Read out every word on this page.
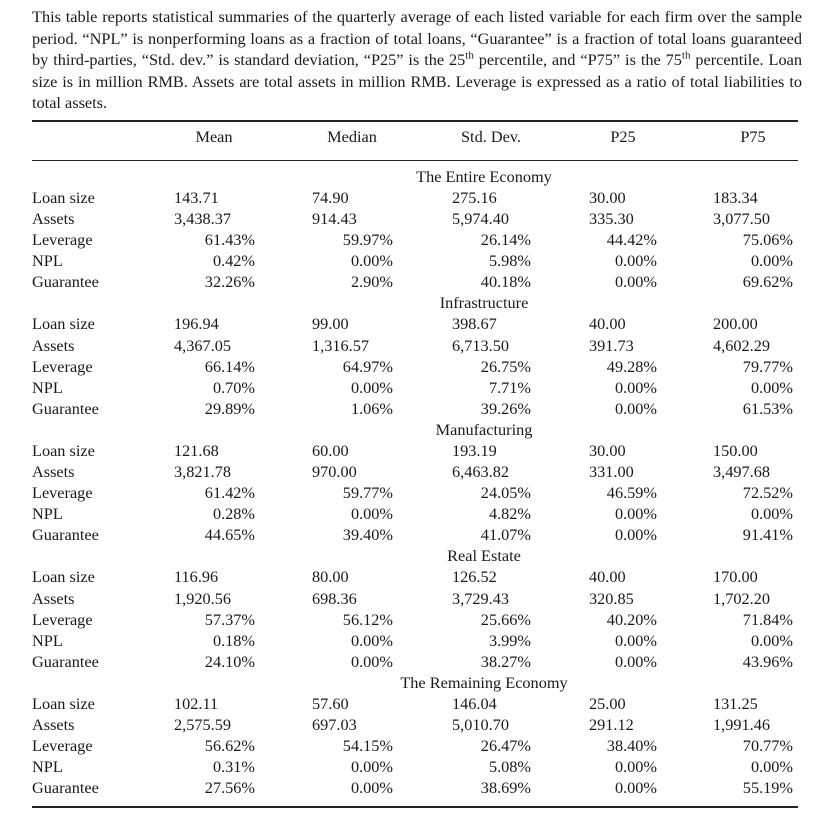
This table reports statistical summaries of the quarterly average of each listed variable for each firm over the sample period. “NPL” is nonperforming loans as a fraction of total loans, “Guarantee” is a fraction of total loans guaranteed by third-parties, “Std. dev.” is standard deviation, “P25” is the 25th percentile, and “P75” is the 75th percentile. Loan size is in million RMB. Assets are total assets in million RMB. Leverage is expressed as a ratio of total liabilities to total assets.
Mean	Median	Std. Dev.	P25	P75
The Entire Economy
Loan size	143.71	74.90	275.16	30.00	183.34
Assets	3,438.37	914.43	5,974.40	335.30	3,077.50
Leverage	61.43%	59.97%	26.14%	44.42%	75.06%
NPL	0.42%	0.00%	5.98%	0.00%	0.00%
Guarantee	32.26%	2.90%	40.18%	0.00%	69.62%
Infrastructure
Loan size	196.94	99.00	398.67	40.00	200.00
Assets	4,367.05	1,316.57	6,713.50	391.73	4,602.29
Leverage	66.14%	64.97%	26.75%	49.28%	79.77%
NPL	0.70%	0.00%	7.71%	0.00%	0.00%
Guarantee	29.89%	1.06%	39.26%	0.00%	61.53%
Manufacturing
Loan size	121.68	60.00	193.19	30.00	150.00
Assets	3,821.78	970.00	6,463.82	331.00	3,497.68
Leverage	61.42%	59.77%	24.05%	46.59%	72.52%
NPL	0.28%	0.00%	4.82%	0.00%	0.00%
Guarantee	44.65%	39.40%	41.07%	0.00%	91.41%
Real Estate
Loan size	116.96	80.00	126.52	40.00	170.00
Assets	1,920.56	698.36	3,729.43	320.85	1,702.20
Leverage	57.37%	56.12%	25.66%	40.20%	71.84%
NPL	0.18%	0.00%	3.99%	0.00%	0.00%
Guarantee	24.10%	0.00%	38.27%	0.00%	43.96%
The Remaining Economy
Loan size	102.11	57.60	146.04	25.00	131.25
Assets	2,575.59	697.03	5,010.70	291.12	1,991.46
Leverage	56.62%	54.15%	26.47%	38.40%	70.77%
NPL	0.31%	0.00%	5.08%	0.00%	0.00%
Guarantee	27.56%	0.00%	38.69%	0.00%	55.19%
